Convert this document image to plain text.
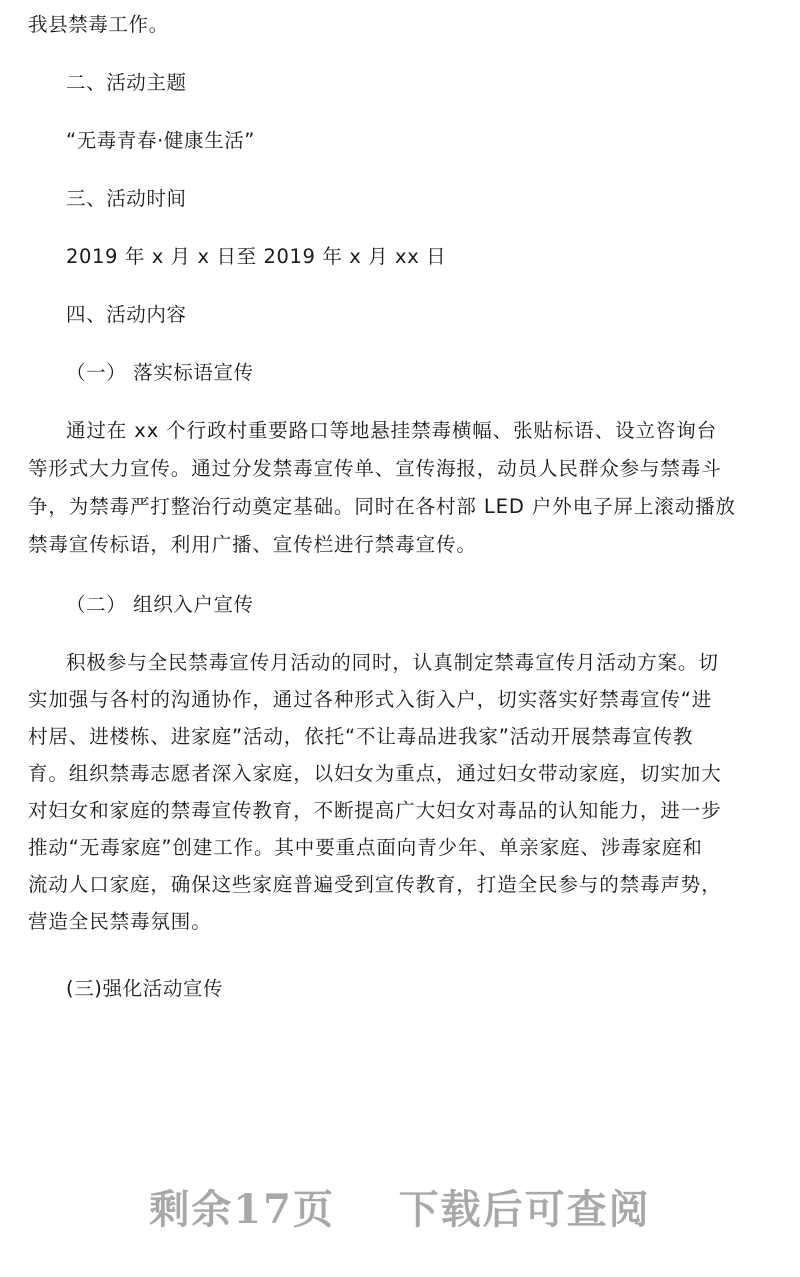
我县禁毒工作。
二、活动主题
“无毒青春·健康生活”
三、活动时间
2019 年 x 月 x 日至 2019 年 x 月 xx 日
四、活动内容
（一） 落实标语宣传
通过在 xx 个行政村重要路口等地悬挂禁毒横幅、张贴标语、设立咨询台
等形式大力宣传。通过分发禁毒宣传单、宣传海报，动员人民群众参与禁毒斗
争，为禁毒严打整治行动奠定基础。同时在各村部 LED 户外电子屏上滚动播放
禁毒宣传标语，利用广播、宣传栏进行禁毒宣传。
（二） 组织入户宣传
积极参与全民禁毒宣传月活动的同时，认真制定禁毒宣传月活动方案。切
实加强与各村的沟通协作，通过各种形式入街入户，切实落实好禁毒宣传“进
村居、进楼栋、进家庭”活动，依托“不让毒品进我家”活动开展禁毒宣传教
育。组织禁毒志愿者深入家庭，以妇女为重点，通过妇女带动家庭，切实加大
对妇女和家庭的禁毒宣传教育，不断提高广大妇女对毒品的认知能力，进一步
推动“无毒家庭”创建工作。其中要重点面向青少年、单亲家庭、涉毒家庭和
流动人口家庭，确保这些家庭普遍受到宣传教育，打造全民参与的禁毒声势，
营造全民禁毒氛围。
(三)强化活动宣传
剩余17页 下载后可查阅
